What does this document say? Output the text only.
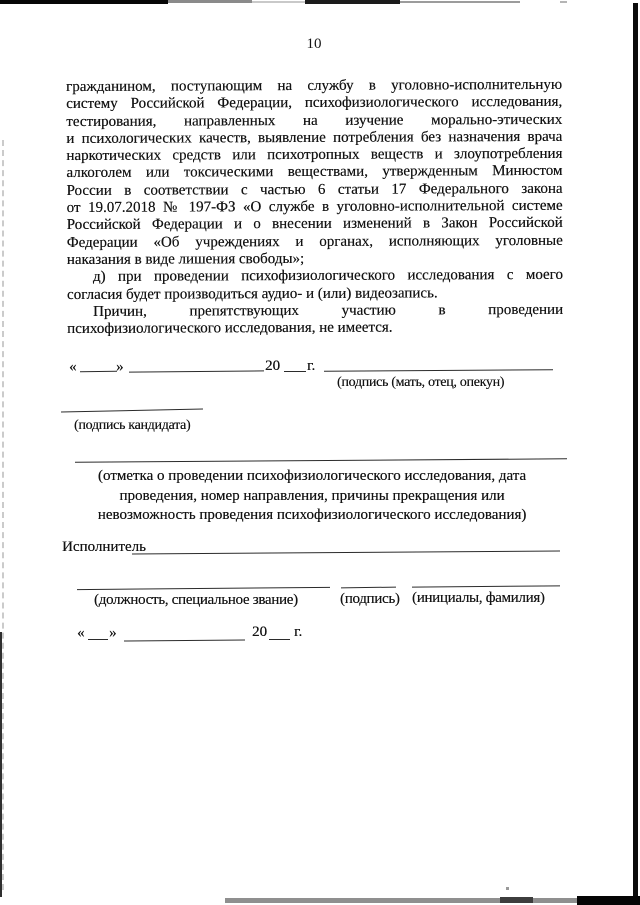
10
гражданином, поступающим на службу в уголовно-исполнительную
систему Российской Федерации, психофизиологического исследования,
тестирования, направленных на изучение морально-этических
и психологических качеств, выявление потребления без назначения врача
наркотических средств или психотропных веществ и злоупотребления
алкоголем или токсическими веществами, утвержденным Минюстом
России в соответствии с частью 6 статьи 17 Федерального закона
от 19.07.2018 № 197-ФЗ «О службе в уголовно-исполнительной системе
Российской Федерации и о внесении изменений в Закон Российской
Федерации «Об учреждениях и органах, исполняющих уголовные
наказания в виде лишения свободы»;
д) при проведении психофизиологического исследования с моего
согласия будет производиться аудио- и (или) видеозапись.
Причин, препятствующих участию в проведении
психофизиологического исследования, не имеется.
«	»	20 г.
(подпись (мать, отец, опекун)
(подпись кандидата)
(отметка о проведении психофизиологического исследования, дата
проведения, номер направления, причины прекращения или
невозможность проведения психофизиологического исследования)
Исполнитель
(должность, специальное звание)	(подпись) (инициалы, фамилия)
« »	20 г.
